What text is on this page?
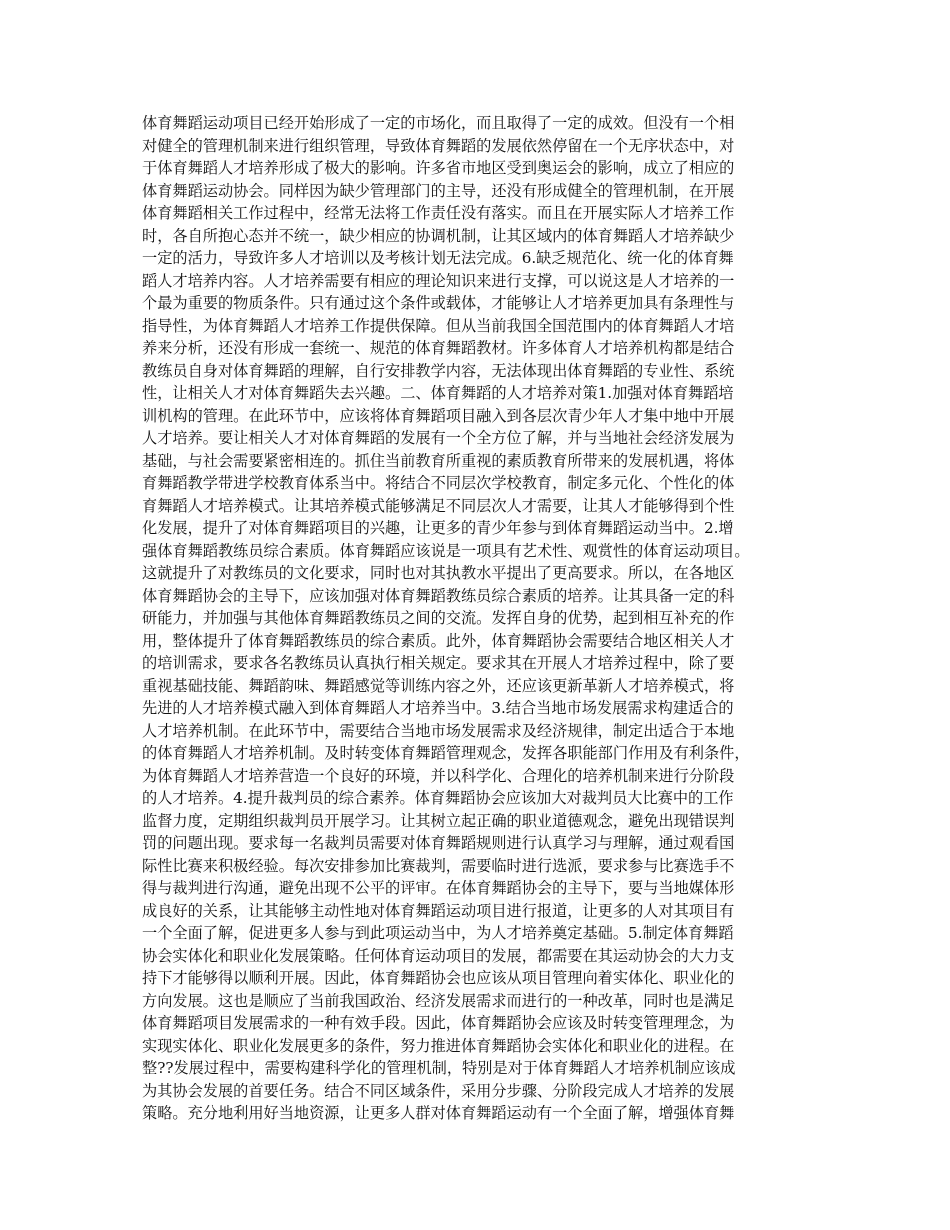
体育舞蹈运动项目已经开始形成了一定的市场化，而且取得了一定的成效。但没有一个相
对健全的管理机制来进行组织管理，导致体育舞蹈的发展依然停留在一个无序状态中，对
于体育舞蹈人才培养形成了极大的影响。许多省市地区受到奥运会的影响，成立了相应的
体育舞蹈运动协会。同样因为缺少管理部门的主导，还没有形成健全的管理机制，在开展
体育舞蹈相关工作过程中，经常无法将工作责任没有落实。而且在开展实际人才培养工作
时，各自所抱心态并不统一，缺少相应的协调机制，让其区域内的体育舞蹈人才培养缺少
一定的活力，导致许多人才培训以及考核计划无法完成。6.缺乏规范化、统一化的体育舞
蹈人才培养内容。人才培养需要有相应的理论知识来进行支撑，可以说这是人才培养的一
个最为重要的物质条件。只有通过这个条件或载体，才能够让人才培养更加具有条理性与
指导性，为体育舞蹈人才培养工作提供保障。但从当前我国全国范围内的体育舞蹈人才培
养来分析，还没有形成一套统一、规范的体育舞蹈教材。许多体育人才培养机构都是结合
教练员自身对体育舞蹈的理解，自行安排教学内容，无法体现出体育舞蹈的专业性、系统
性，让相关人才对体育舞蹈失去兴趣。二、体育舞蹈的人才培养对策1.加强对体育舞蹈培
训机构的管理。在此环节中，应该将体育舞蹈项目融入到各层次青少年人才集中地中开展
人才培养。要让相关人才对体育舞蹈的发展有一个全方位了解，并与当地社会经济发展为
基础，与社会需要紧密相连的。抓住当前教育所重视的素质教育所带来的发展机遇，将体
育舞蹈教学带进学校教育体系当中。将结合不同层次学校教育，制定多元化、个性化的体
育舞蹈人才培养模式。让其培养模式能够满足不同层次人才需要，让其人才能够得到个性
化发展，提升了对体育舞蹈项目的兴趣，让更多的青少年参与到体育舞蹈运动当中。2.增
强体育舞蹈教练员综合素质。体育舞蹈应该说是一项具有艺术性、观赏性的体育运动项目。
这就提升了对教练员的文化要求，同时也对其执教水平提出了更高要求。所以，在各地区
体育舞蹈协会的主导下，应该加强对体育舞蹈教练员综合素质的培养。让其具备一定的科
研能力，并加强与其他体育舞蹈教练员之间的交流。发挥自身的优势，起到相互补充的作
用，整体提升了体育舞蹈教练员的综合素质。此外，体育舞蹈协会需要结合地区相关人才
的培训需求，要求各名教练员认真执行相关规定。要求其在开展人才培养过程中，除了要
重视基础技能、舞蹈韵味、舞蹈感觉等训练内容之外，还应该更新革新人才培养模式，将
先进的人才培养模式融入到体育舞蹈人才培养当中。3.结合当地市场发展需求构建适合的
人才培养机制。在此环节中，需要结合当地市场发展需求及经济规律，制定出适合于本地
的体育舞蹈人才培养机制。及时转变体育舞蹈管理观念，发挥各职能部门作用及有利条件，
为体育舞蹈人才培养营造一个良好的环境，并以科学化、合理化的培养机制来进行分阶段
的人才培养。4.提升裁判员的综合素养。体育舞蹈协会应该加大对裁判员大比赛中的工作
监督力度，定期组织裁判员开展学习。让其树立起正确的职业道德观念，避免出现错误判
罚的问题出现。要求每一名裁判员需要对体育舞蹈规则进行认真学习与理解，通过观看国
际性比赛来积极经验。每次安排参加比赛裁判，需要临时进行选派，要求参与比赛选手不
得与裁判进行沟通，避免出现不公平的评审。在体育舞蹈协会的主导下，要与当地媒体形
成良好的关系，让其能够主动性地对体育舞蹈运动项目进行报道，让更多的人对其项目有
一个全面了解，促进更多人参与到此项运动当中，为人才培养奠定基础。5.制定体育舞蹈
协会实体化和职业化发展策略。任何体育运动项目的发展，都需要在其运动协会的大力支
持下才能够得以顺利开展。因此，体育舞蹈协会也应该从项目管理向着实体化、职业化的
方向发展。这也是顺应了当前我国政治、经济发展需求而进行的一种改革，同时也是满足
体育舞蹈项目发展需求的一种有效手段。因此，体育舞蹈协会应该及时转变管理理念，为
实现实体化、职业化发展更多的条件，努力推进体育舞蹈协会实体化和职业化的进程。在
整??发展过程中，需要构建科学化的管理机制，特别是对于体育舞蹈人才培养机制应该成
为其协会发展的首要任务。结合不同区域条件，采用分步骤、分阶段完成人才培养的发展
策略。充分地利用好当地资源，让更多人群对体育舞蹈运动有一个全面了解，增强体育舞
